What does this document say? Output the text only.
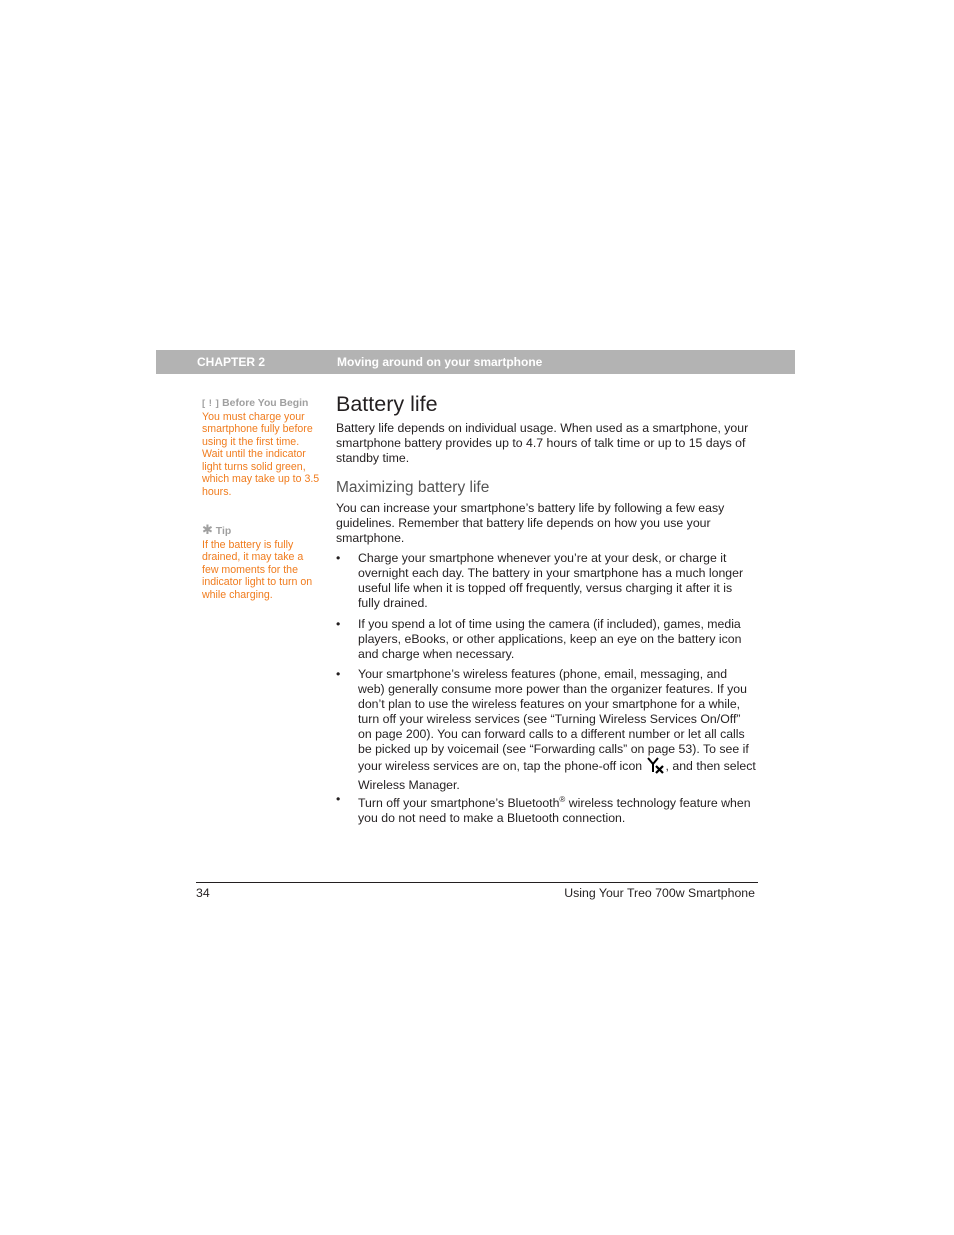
CHAPTER 2	Moving around on your smartphone
[ ! ] Before You Begin
You must charge your smartphone fully before using it the first time. Wait until the indicator light turns solid green, which may take up to 3.5 hours.
✱ Tip
If the battery is fully drained, it may take a few moments for the indicator light to turn on while charging.
Battery life

Battery life depends on individual usage. When used as a smartphone, your smartphone battery provides up to 4.7 hours of talk time or up to 15 days of standby time.

Maximizing battery life

You can increase your smartphone’s battery life by following a few easy guidelines. Remember that battery life depends on how you use your smartphone.

• Charge your smartphone whenever you’re at your desk, or charge it overnight each day. The battery in your smartphone has a much longer useful life when it is topped off frequently, versus charging it after it is fully drained.
• If you spend a lot of time using the camera (if included), games, media players, eBooks, or other applications, keep an eye on the battery icon and charge when necessary.
• Your smartphone’s wireless features (phone, email, messaging, and web) generally consume more power than the organizer features. If you don’t plan to use the wireless features on your smartphone for a while, turn off your wireless services (see “Turning Wireless Services On/Off” on page 200). You can forward calls to a different number or let all calls be picked up by voicemail (see “Forwarding calls” on page 53). To see if your wireless services are on, tap the phone-off icon , and then select Wireless Manager.
• Turn off your smartphone’s Bluetooth® wireless technology feature when you do not need to make a Bluetooth connection.
34	Using Your Treo 700w Smartphone
